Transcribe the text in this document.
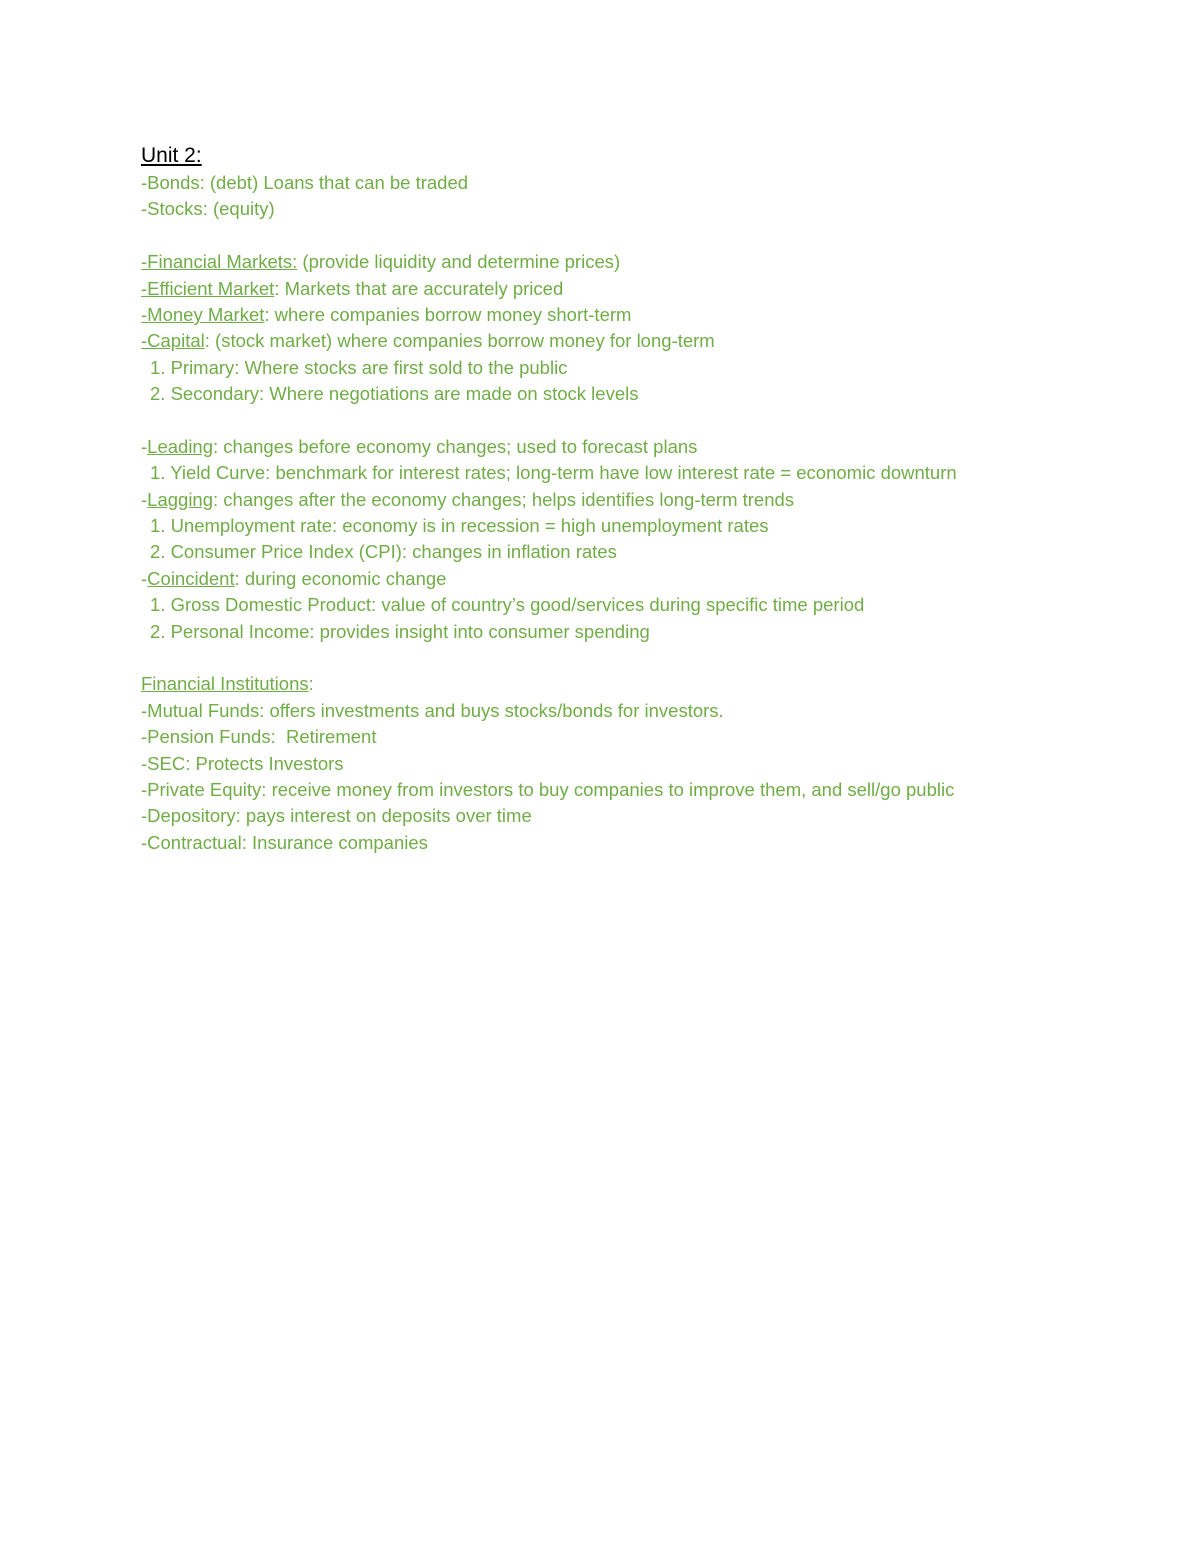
Unit 2:
-Bonds: (debt) Loans that can be traded
-Stocks: (equity)
-Financial Markets: (provide liquidity and determine prices)
-Efficient Market: Markets that are accurately priced
-Money Market: where companies borrow money short-term
-Capital: (stock market) where companies borrow money for long-term
1. Primary: Where stocks are first sold to the public
2. Secondary: Where negotiations are made on stock levels
-Leading: changes before economy changes; used to forecast plans
1. Yield Curve: benchmark for interest rates; long-term have low interest rate = economic downturn
-Lagging: changes after the economy changes; helps identifies long-term trends
1. Unemployment rate: economy is in recession = high unemployment rates
2. Consumer Price Index (CPI): changes in inflation rates
-Coincident: during economic change
1. Gross Domestic Product: value of country’s good/services during specific time period
2. Personal Income: provides insight into consumer spending
Financial Institutions:
-Mutual Funds: offers investments and buys stocks/bonds for investors.
-Pension Funds:  Retirement
-SEC: Protects Investors
-Private Equity: receive money from investors to buy companies to improve them, and sell/go public
-Depository: pays interest on deposits over time
-Contractual: Insurance companies
